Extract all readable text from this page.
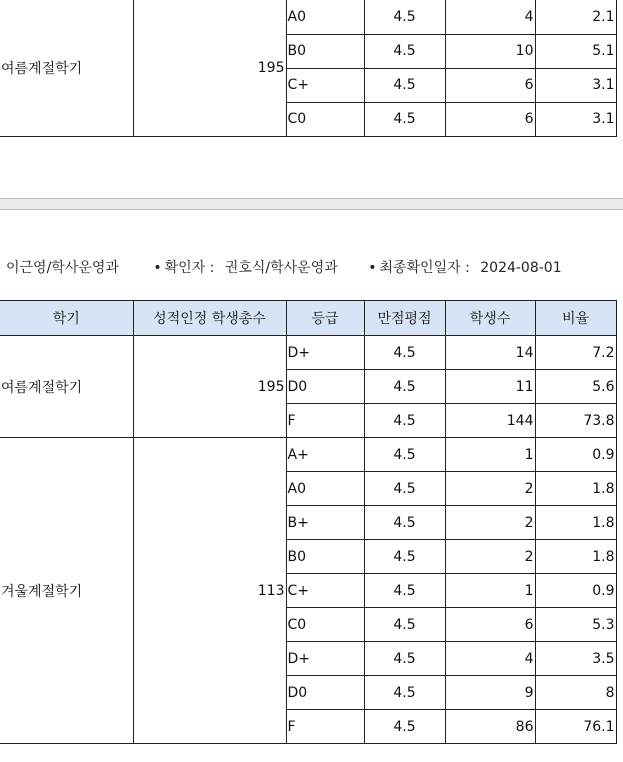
여름계절학기	195	A0	4.5	4	2.1
		B0	4.5	10	5.1
		C+	4.5	6	3.1
		C0	4.5	6	3.1
이근영/학사운영과 • 확인자 : 권호식/학사운영과 • 최종확인일자 : 2024-08-01
학기	성적인정 학생총수	등급	만점평점	학생수	비율
여름계절학기	195	D+	4.5	14	7.2
		D0	4.5	11	5.6
		F	4.5	144	73.8
겨울계절학기	113	A+	4.5	1	0.9
		A0	4.5	2	1.8
		B+	4.5	2	1.8
		B0	4.5	2	1.8
		C+	4.5	1	0.9
		C0	4.5	6	5.3
		D+	4.5	4	3.5
		D0	4.5	9	8
		F	4.5	86	76.1
